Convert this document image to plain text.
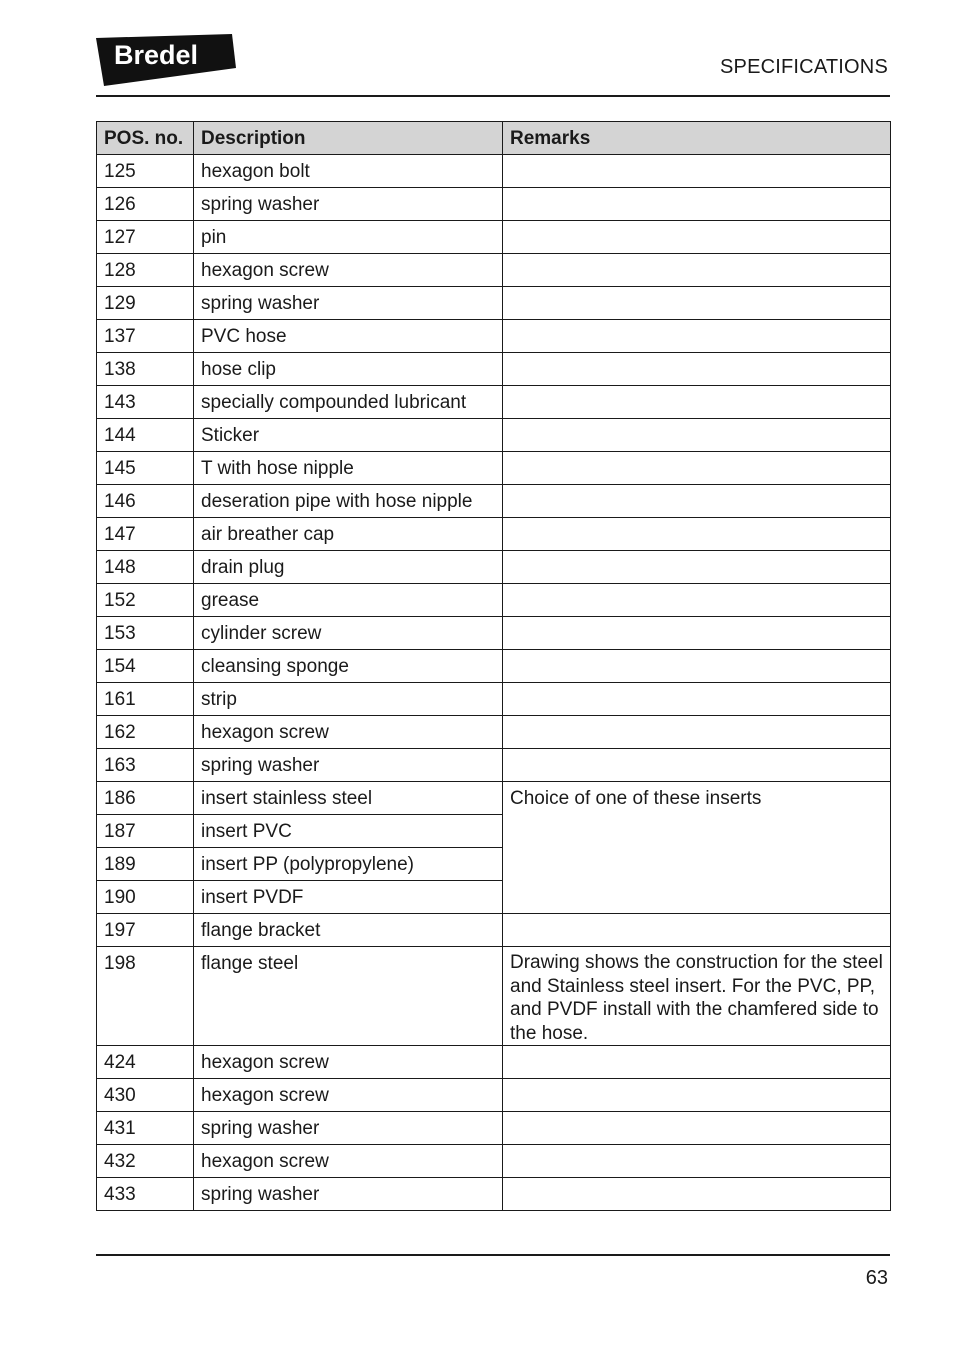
Bredel	SPECIFICATIONS
POS. no.	Description	Remarks
125	hexagon bolt	
126	spring washer	
127	pin	
128	hexagon screw	
129	spring washer	
137	PVC hose	
138	hose clip	
143	specially compounded lubricant	
144	Sticker	
145	T with hose nipple	
146	deseration pipe with hose nipple	
147	air breather cap	
148	drain plug	
152	grease	
153	cylinder screw	
154	cleansing sponge	
161	strip	
162	hexagon screw	
163	spring washer	
186	insert stainless steel	Choice of one of these inserts
187	insert PVC	
189	insert PP (polypropylene)	
190	insert PVDF	
197	flange bracket	
198	flange steel	Drawing shows the construction for the steel and Stainless steel insert. For the PVC, PP, and PVDF install with the chamfered side to the hose.
424	hexagon screw	
430	hexagon screw	
431	spring washer	
432	hexagon screw	
433	spring washer	
63
